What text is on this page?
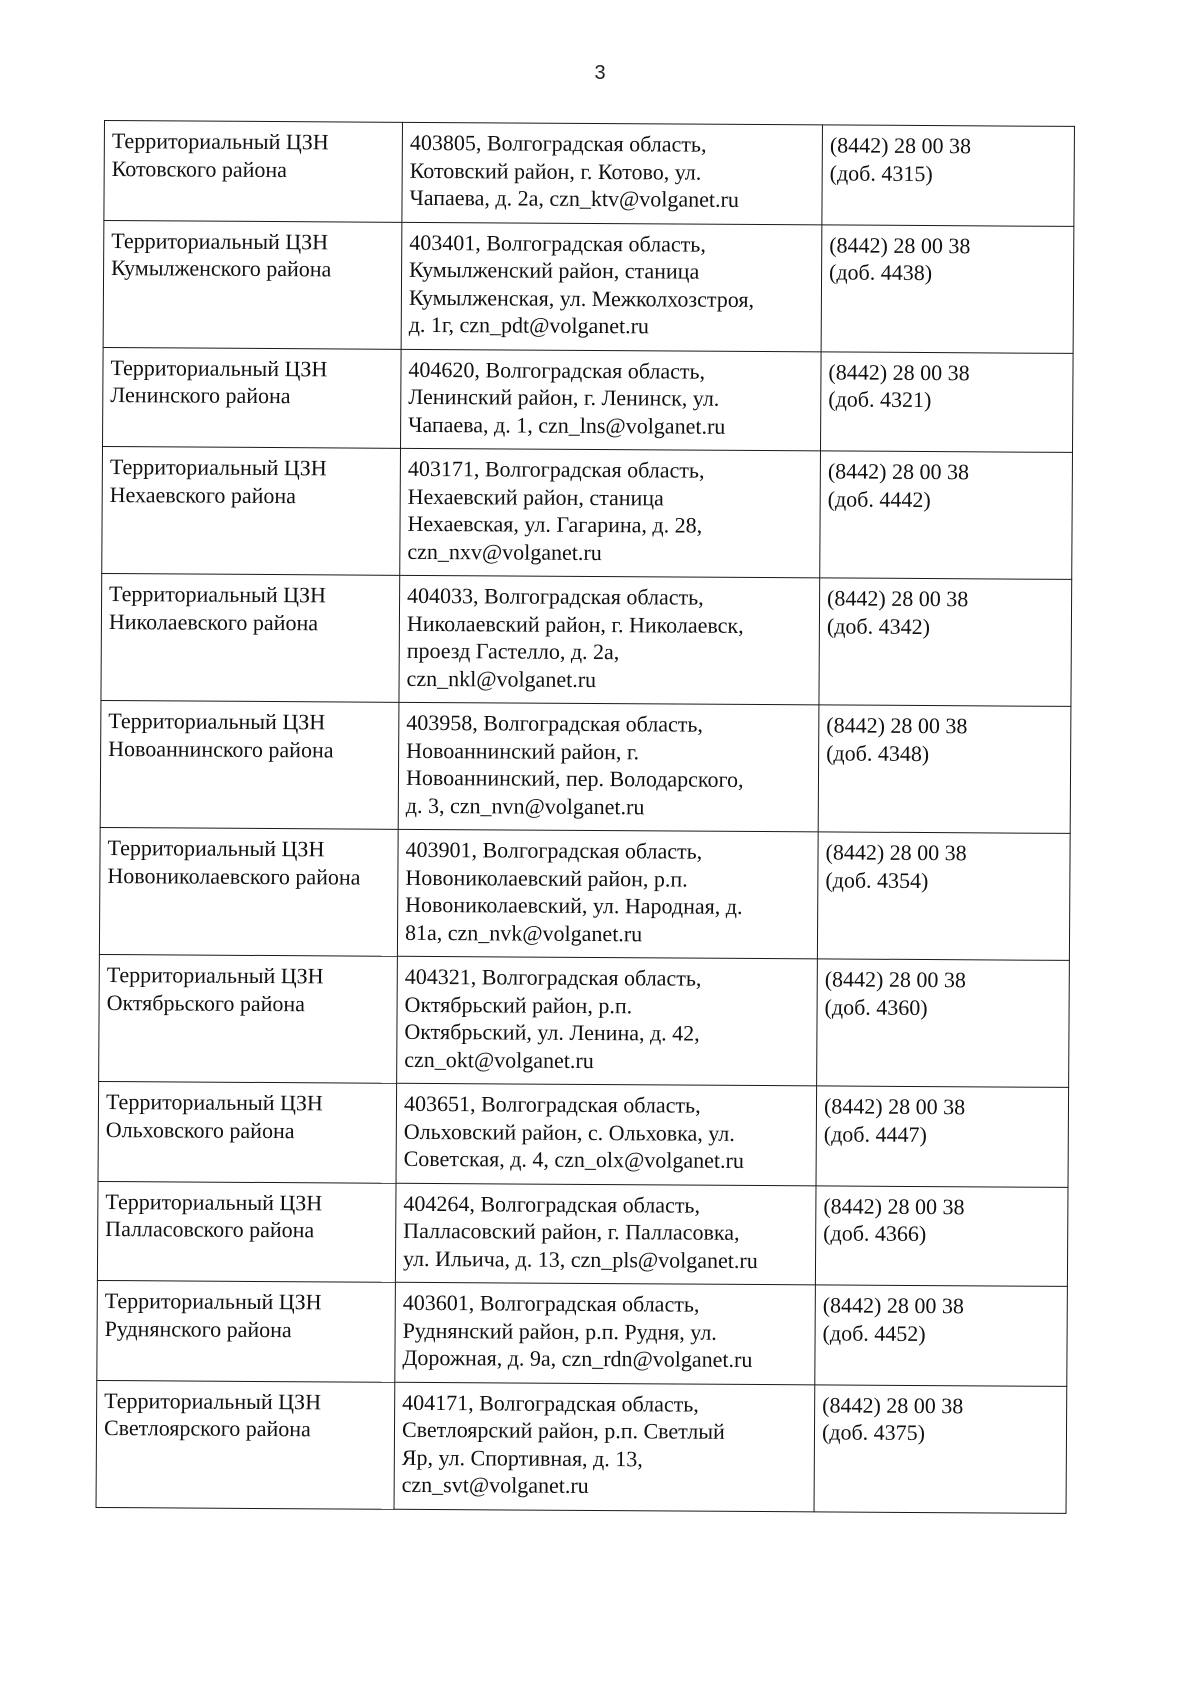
3
Территориальный ЦЗН
Котовского района	403805, Волгоградская область,
Котовский район, г. Котово, ул.
Чапаева, д. 2а, czn_ktv@volganet.ru	(8442) 28 00 38
(доб. 4315)

Территориальный ЦЗН
Кумылженского района	403401, Волгоградская область,
Кумылженский район, станица
Кумылженская, ул. Межколхозстроя,
д. 1г, czn_pdt@volganet.ru	(8442) 28 00 38
(доб. 4438)

Территориальный ЦЗН
Ленинского района	404620, Волгоградская область,
Ленинский район, г. Ленинск, ул.
Чапаева, д. 1, czn_lns@volganet.ru	(8442) 28 00 38
(доб. 4321)

Территориальный ЦЗН
Нехаевского района	403171, Волгоградская область,
Нехаевский район, станица
Нехаевская, ул. Гагарина, д. 28,
czn_nxv@volganet.ru	(8442) 28 00 38
(доб. 4442)

Территориальный ЦЗН
Николаевского района	404033, Волгоградская область,
Николаевский район, г. Николаевск,
проезд Гастелло, д. 2а,
czn_nkl@volganet.ru	(8442) 28 00 38
(доб. 4342)

Территориальный ЦЗН
Новоаннинского района	403958, Волгоградская область,
Новоаннинский район, г.
Новоаннинский, пер. Володарского,
д. 3, czn_nvn@volganet.ru	(8442) 28 00 38
(доб. 4348)

Территориальный ЦЗН
Новониколаевского района	403901, Волгоградская область,
Новониколаевский район, р.п.
Новониколаевский, ул. Народная, д.
81а, czn_nvk@volganet.ru	(8442) 28 00 38
(доб. 4354)

Территориальный ЦЗН
Октябрьского района	404321, Волгоградская область,
Октябрьский район, р.п.
Октябрьский, ул. Ленина, д. 42,
czn_okt@volganet.ru	(8442) 28 00 38
(доб. 4360)

Территориальный ЦЗН
Ольховского района	403651, Волгоградская область,
Ольховский район, с. Ольховка, ул.
Советская, д. 4, czn_olx@volganet.ru	(8442) 28 00 38
(доб. 4447)

Территориальный ЦЗН
Палласовского района	404264, Волгоградская область,
Палласовский район, г. Палласовка,
ул. Ильича, д. 13, czn_pls@volganet.ru	(8442) 28 00 38
(доб. 4366)

Территориальный ЦЗН
Руднянского района	403601, Волгоградская область,
Руднянский район, р.п. Рудня, ул.
Дорожная, д. 9а, czn_rdn@volganet.ru	(8442) 28 00 38
(доб. 4452)

Территориальный ЦЗН
Светлоярского района	404171, Волгоградская область,
Светлоярский район, р.п. Светлый
Яр, ул. Спортивная, д. 13,
czn_svt@volganet.ru	(8442) 28 00 38
(доб. 4375)
